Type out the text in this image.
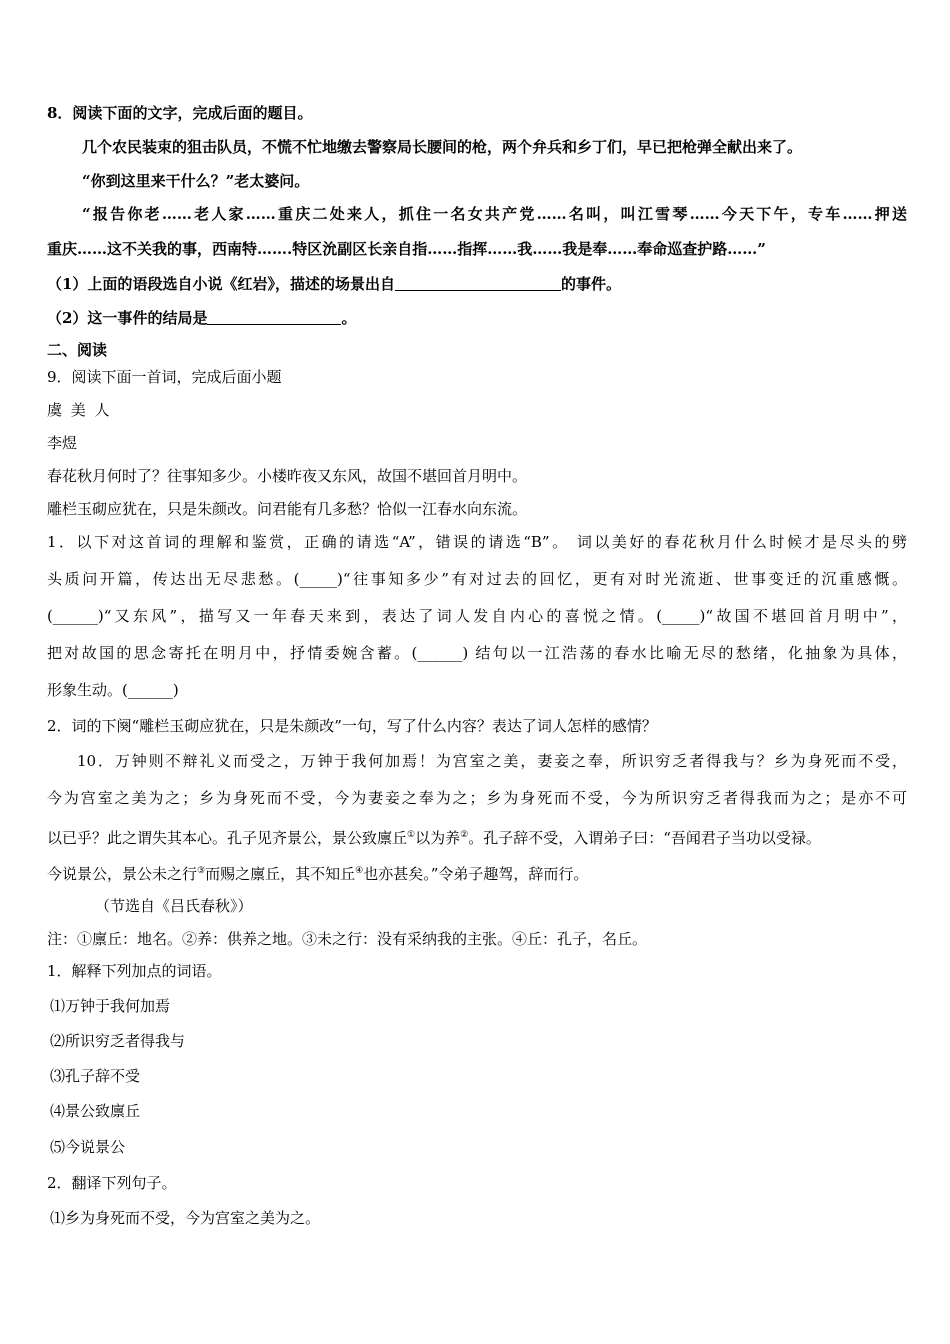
8．阅读下面的文字，完成后面的题目。
几个农民装束的狙击队员，不慌不忙地缴去警察局长腰间的枪，两个弁兵和乡丁们，早已把枪弹全献出来了。
“你到这里来干什么？”老太婆问。
“报告你老……老人家……重庆二处来人，抓住一名女共产党……名叫，叫江雪琴……今天下午，专车……押送
重庆……这不关我的事，西南特…….特区沇副区长亲自指……指挥……我……我是奉……奉命巡查护路……”
（1）上面的语段选自小说《红岩》，描述的场景出自	的事件。
（2）这一事件的结局是	。
二、阅读
9．阅读下面一首词，完成后面小题
虞 美 人
李煜
春花秋月何时了？往事知多少。小楼昨夜又东风，故国不堪回首月明中。
雕栏玉砌应犹在，只是朱颜改。问君能有几多愁？恰似一江春水向东流。
1．以下对这首词的理解和鉴赏，正确的请选“A”，错误的请选“B”。 词以美好的春花秋月什么时候才是尽头的劈
头质问开篇，传达出无尽悲愁。(_____)“往事知多少”有对过去的回忆，更有对时光流逝、世事变迁的沉重感慨。
(______)“又东风”，描写又一年春天来到，表达了词人发自内心的喜悦之情。(_____)“故国不堪回首月明中”，
把对故国的思念寄托在明月中，抒情委婉含蓄。(______) 结句以一江浩荡的春水比喻无尽的愁绪，化抽象为具体，
形象生动。(______)
2．词的下阕“雕栏玉砌应犹在，只是朱颜改”一句，写了什么内容？表达了词人怎样的感情？
10．万钟则不辩礼义而受之，万钟于我何加焉！为宫室之美，妻妾之奉，所识穷乏者得我与？乡为身死而不受，
今为宫室之美为之；乡为身死而不受，今为妻妾之奉为之；乡为身死而不受，今为所识穷乏者得我而为之；是亦不可
以已乎？此之谓失其本心。孔子见齐景公，景公致廪丘①以为养②。孔子辞不受，入谓弟子曰：“吾闻君子当功以受禄。
今说景公，景公未之行③而赐之廪丘，其不知丘④也亦甚矣。”令弟子趣驾，辞而行。
（节选自《吕氏春秋》）
注：①廪丘：地名。②养：供养之地。③未之行：没有采纳我的主张。④丘：孔子，名丘。
1．解释下列加点的词语。
⑴万钟于我何加焉
⑵所识穷乏者得我与
⑶孔子辞不受
⑷景公致廪丘
⑸今说景公
2．翻译下列句子。
⑴乡为身死而不受，今为宫室之美为之。
